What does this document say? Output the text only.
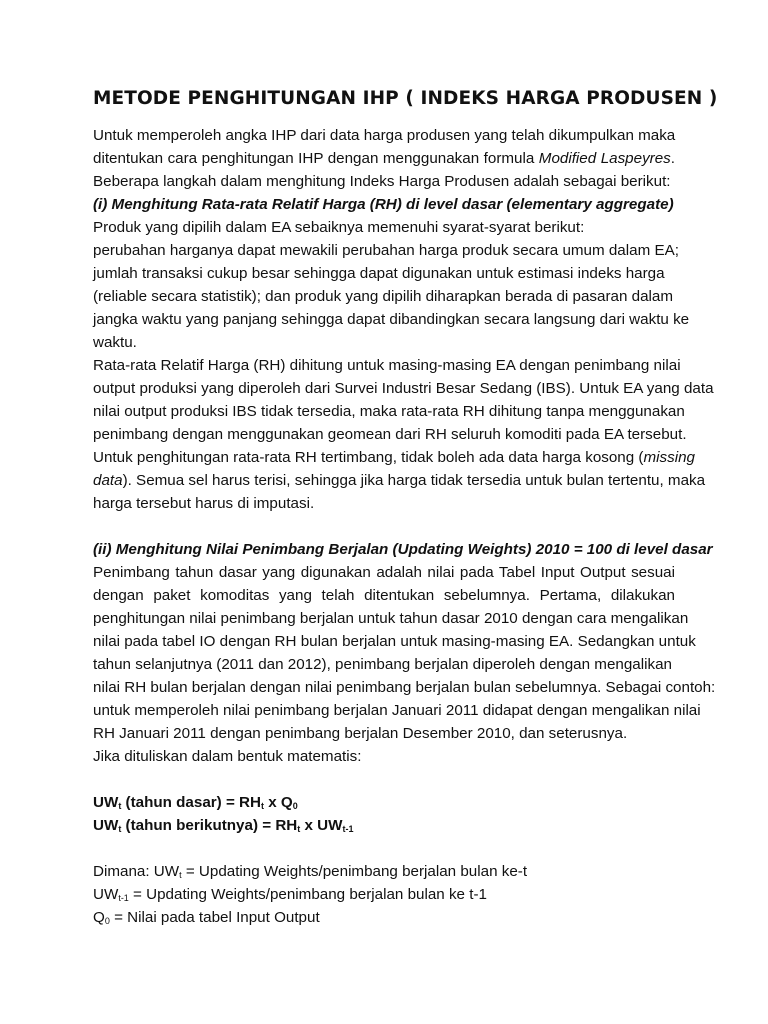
METODE PENGHITUNGAN IHP ( INDEKS HARGA PRODUSEN )
Untuk memperoleh angka IHP dari data harga produsen yang telah dikumpulkan maka
ditentukan cara penghitungan IHP dengan menggunakan formula Modified Laspeyres.
Beberapa langkah dalam menghitung Indeks Harga Produsen adalah sebagai berikut:
(i) Menghitung Rata-rata Relatif Harga (RH) di level dasar (elementary aggregate)
Produk yang dipilih dalam EA sebaiknya memenuhi syarat-syarat berikut:
perubahan harganya dapat mewakili perubahan harga produk secara umum dalam EA;
jumlah transaksi cukup besar sehingga dapat digunakan untuk estimasi indeks harga
(reliable secara statistik); dan produk yang dipilih diharapkan berada di pasaran dalam
jangka waktu yang panjang sehingga dapat dibandingkan secara langsung dari waktu ke
waktu.
Rata-rata Relatif Harga (RH) dihitung untuk masing-masing EA dengan penimbang nilai
output produksi yang diperoleh dari Survei Industri Besar Sedang (IBS). Untuk EA yang data
nilai output produksi IBS tidak tersedia, maka rata-rata RH dihitung tanpa menggunakan
penimbang dengan menggunakan geomean dari RH seluruh komoditi pada EA tersebut.
Untuk penghitungan rata-rata RH tertimbang, tidak boleh ada data harga kosong (missing
data). Semua sel harus terisi, sehingga jika harga tidak tersedia untuk bulan tertentu, maka
harga tersebut harus di imputasi.
(ii) Menghitung Nilai Penimbang Berjalan (Updating Weights) 2010 = 100 di level dasar
Penimbang tahun dasar yang digunakan adalah nilai pada Tabel Input Output sesuai
dengan paket komoditas yang telah ditentukan sebelumnya. Pertama, dilakukan
penghitungan nilai penimbang berjalan untuk tahun dasar 2010 dengan cara mengalikan
nilai pada tabel IO dengan RH bulan berjalan untuk masing-masing EA. Sedangkan untuk
tahun selanjutnya (2011 dan 2012), penimbang berjalan diperoleh dengan mengalikan
nilai RH bulan berjalan dengan nilai penimbang berjalan bulan sebelumnya. Sebagai contoh:
untuk memperoleh nilai penimbang berjalan Januari 2011 didapat dengan mengalikan nilai
RH Januari 2011 dengan penimbang berjalan Desember 2010, dan seterusnya.
Jika dituliskan dalam bentuk matematis:
$UW_t$ (tahun dasar) = $RH_t$ x $Q_0$
$UW_t$ (tahun berikutnya) = $RH_t$ x $UW_{t-1}$
Dimana: $UW_t$ = Updating Weights/penimbang berjalan bulan ke-t
$UW_{t-1}$ = Updating Weights/penimbang berjalan bulan ke t-1
$Q_0$ = Nilai pada tabel Input Output
